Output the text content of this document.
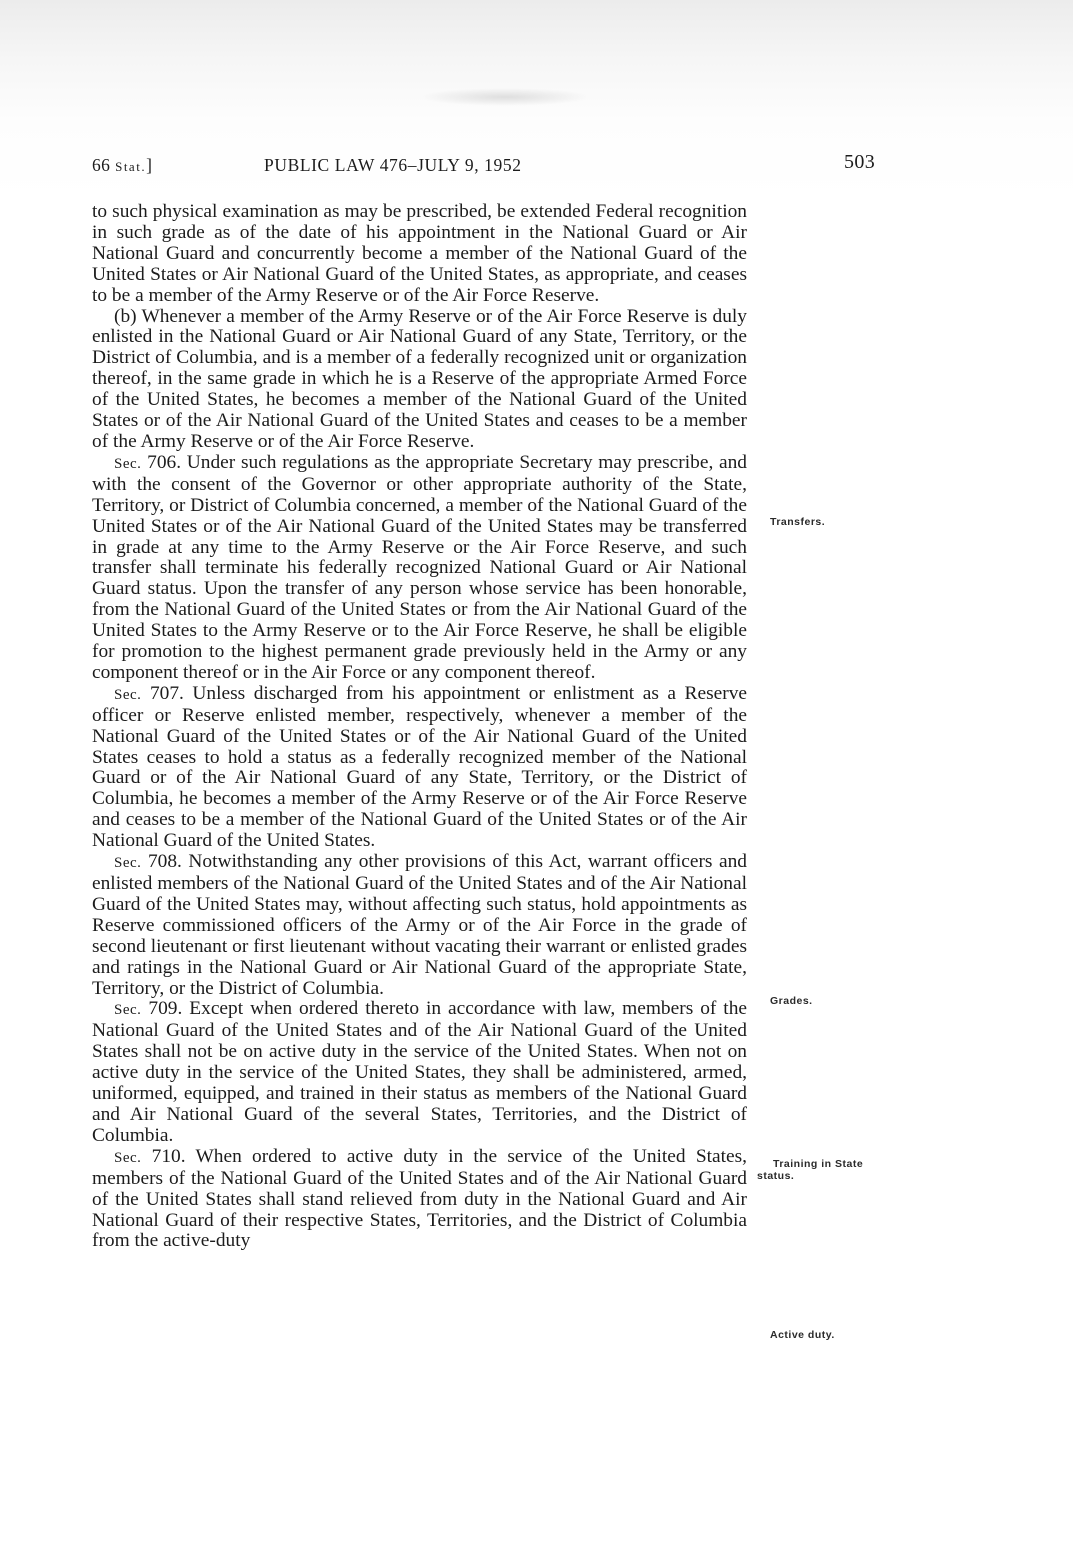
66 Stat.]	PUBLIC LAW 476–JULY 9, 1952	503

to such physical examination as may be prescribed, be extended Federal recognition in such grade as of the date of his appointment in the National Guard or Air National Guard and concurrently become a member of the National Guard of the United States or Air National Guard of the United States, as appropriate, and ceases to be a member of the Army Reserve or of the Air Force Reserve.

(b) Whenever a member of the Army Reserve or of the Air Force Reserve is duly enlisted in the National Guard or Air National Guard of any State, Territory, or the District of Columbia, and is a member of a federally recognized unit or organization thereof, in the same grade in which he is a Reserve of the appropriate Armed Force of the United States, he becomes a member of the National Guard of the United States or of the Air National Guard of the United States and ceases to be a member of the Army Reserve or of the Air Force Reserve.

Sec. 706. Under such regulations as the appropriate Secretary may prescribe, and with the consent of the Governor or other appropriate authority of the State, Territory, or District of Columbia concerned, a member of the National Guard of the United States or of the Air National Guard of the United States may be transferred in grade at any time to the Army Reserve or the Air Force Reserve, and such transfer shall terminate his federally recognized National Guard or Air National Guard status. Upon the transfer of any person whose service has been honorable, from the National Guard of the United States or from the Air National Guard of the United States to the Army Reserve or to the Air Force Reserve, he shall be eligible for promotion to the highest permanent grade previously held in the Army or any component thereof or in the Air Force or any component thereof.

Sec. 707. Unless discharged from his appointment or enlistment as a Reserve officer or Reserve enlisted member, respectively, whenever a member of the National Guard of the United States or of the Air National Guard of the United States ceases to hold a status as a federally recognized member of the National Guard or of the Air National Guard of any State, Territory, or the District of Columbia, he becomes a member of the Army Reserve or of the Air Force Reserve and ceases to be a member of the National Guard of the United States or of the Air National Guard of the United States.

Sec. 708. Notwithstanding any other provisions of this Act, warrant officers and enlisted members of the National Guard of the United States and of the Air National Guard of the United States may, without affecting such status, hold appointments as Reserve commissioned officers of the Army or of the Air Force in the grade of second lieutenant or first lieutenant without vacating their warrant or enlisted grades and ratings in the National Guard or Air National Guard of the appropriate State, Territory, or the District of Columbia.

Sec. 709. Except when ordered thereto in accordance with law, members of the National Guard of the United States and of the Air National Guard of the United States shall not be on active duty in the service of the United States. When not on active duty in the service of the United States, they shall be administered, armed, uniformed, equipped, and trained in their status as members of the National Guard and Air National Guard of the several States, Territories, and the District of Columbia.

Sec. 710. When ordered to active duty in the service of the United States, members of the National Guard of the United States and of the Air National Guard of the United States shall stand relieved from duty in the National Guard and Air National Guard of their respective States, Territories, and the District of Columbia from the active-duty

Transfers.
Grades.
Training in State
status.
Active duty.
